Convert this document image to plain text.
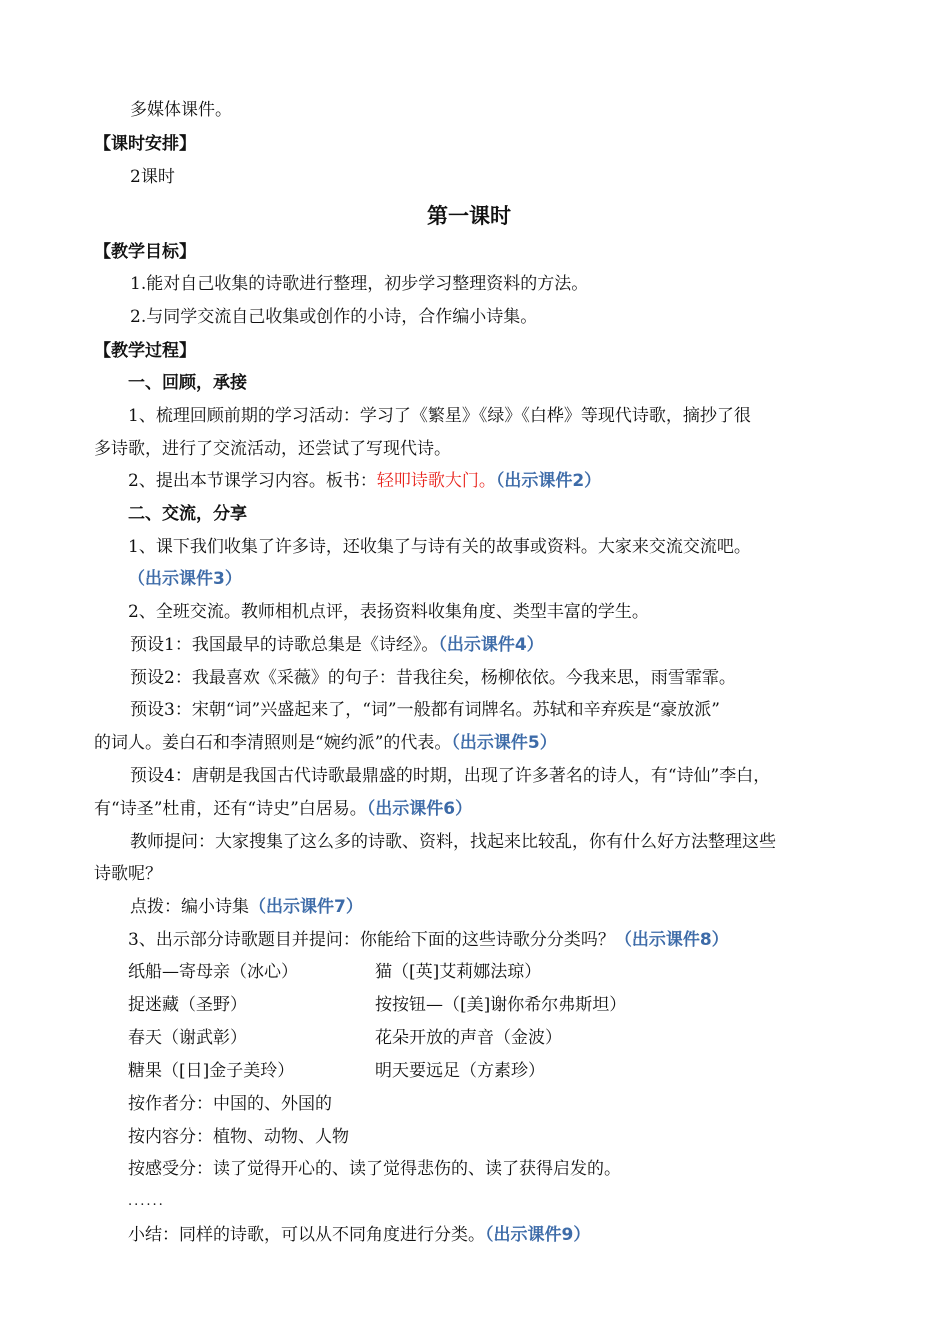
多媒体课件。
【课时安排】
2课时
第一课时
【教学目标】
1.能对自己收集的诗歌进行整理，初步学习整理资料的方法。
2.与同学交流自己收集或创作的小诗，合作编小诗集。
【教学过程】
一、回顾，承接
1、梳理回顾前期的学习活动：学习了《繁星》《绿》《白桦》等现代诗歌，摘抄了很
多诗歌，进行了交流活动，还尝试了写现代诗。
2、提出本节课学习内容。板书：轻叩诗歌大门。（出示课件2）
二、交流，分享
1、课下我们收集了许多诗，还收集了与诗有关的故事或资料。大家来交流交流吧。
（出示课件3）
2、全班交流。教师相机点评，表扬资料收集角度、类型丰富的学生。
预设1：我国最早的诗歌总集是《诗经》。（出示课件4）
预设2：我最喜欢《采薇》的句子：昔我往矣，杨柳依依。今我来思，雨雪霏霏。
预设3：宋朝“词”兴盛起来了，“词”一般都有词牌名。苏轼和辛弃疾是“豪放派”
的词人。姜白石和李清照则是“婉约派”的代表。（出示课件5）
预设4：唐朝是我国古代诗歌最鼎盛的时期，出现了许多著名的诗人，有“诗仙”李白，
有“诗圣”杜甫，还有“诗史”白居易。（出示课件6）
教师提问：大家搜集了这么多的诗歌、资料，找起来比较乱，你有什么好方法整理这些
诗歌呢？
点拨：编小诗集（出示课件7）
3、出示部分诗歌题目并提问：你能给下面的这些诗歌分分类吗？（出示课件8）
纸船—寄母亲（冰心）	猫（[英]艾莉娜法琼）
捉迷藏（圣野）	按按钮—（[美]谢你希尔弗斯坦）
春天（谢武彰）	花朵开放的声音（金波）
糖果（[日]金子美玲）	明天要远足（方素珍）
按作者分：中国的、外国的
按内容分：植物、动物、人物
按感受分：读了觉得开心的、读了觉得悲伤的、读了获得启发的。
......
小结：同样的诗歌，可以从不同角度进行分类。（出示课件9）
